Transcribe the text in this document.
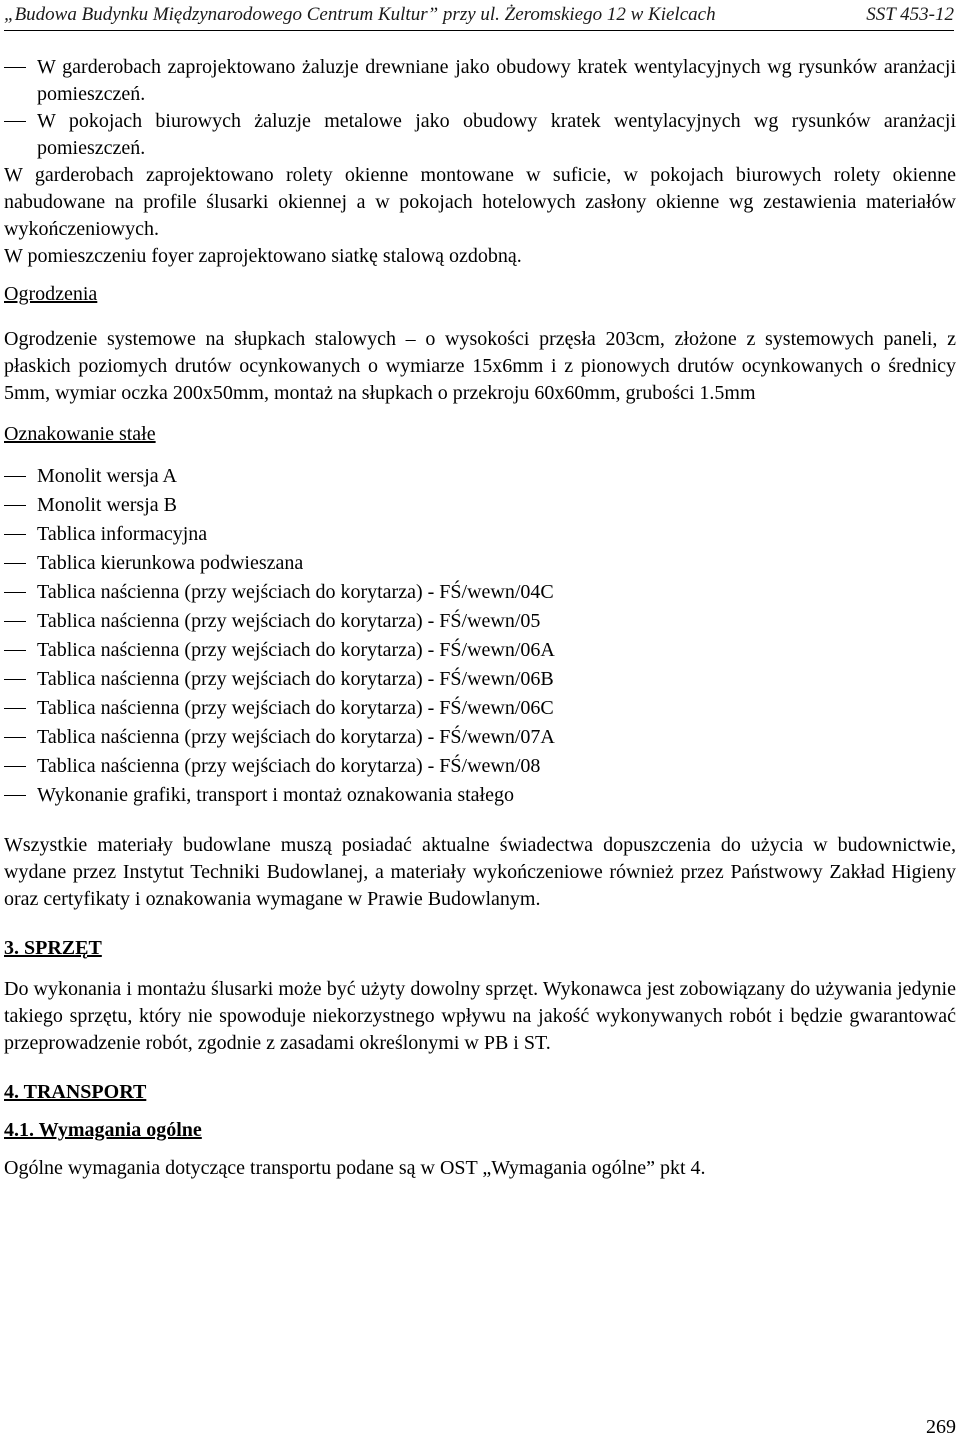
„Budowa Budynku Międzynarodowego Centrum Kultur” przy ul. Żeromskiego 12 w Kielcach	SST 453-12
W garderobach zaprojektowano żaluzje drewniane jako obudowy kratek wentylacyjnych wg rysunków aranżacji pomieszczeń.
W pokojach biurowych żaluzje metalowe jako obudowy kratek wentylacyjnych wg rysunków aranżacji pomieszczeń.

W garderobach zaprojektowano rolety okienne montowane w suficie, w pokojach biurowych rolety okienne nabudowane na profile ślusarki okiennej a w pokojach hotelowych zasłony okienne wg zestawienia materiałów wykończeniowych.

W pomieszczeniu foyer zaprojektowano siatkę stalową ozdobną.

Ogrodzenia

Ogrodzenie systemowe na słupkach stalowych – o wysokości przęsła 203cm, złożone z systemowych paneli, z płaskich poziomych drutów ocynkowanych o wymiarze 15x6mm i z pionowych drutów ocynkowanych o średnicy 5mm, wymiar oczka 200x50mm, montaż na słupkach o przekroju 60x60mm, grubości 1.5mm

Oznakowanie stałe

Monolit wersja A
Monolit wersja B
Tablica informacyjna
Tablica kierunkowa podwieszana
Tablica naścienna (przy wejściach do korytarza) - FŚ/wewn/04C
Tablica naścienna (przy wejściach do korytarza) - FŚ/wewn/05
Tablica naścienna (przy wejściach do korytarza) - FŚ/wewn/06A
Tablica naścienna (przy wejściach do korytarza) - FŚ/wewn/06B
Tablica naścienna (przy wejściach do korytarza) - FŚ/wewn/06C
Tablica naścienna (przy wejściach do korytarza) - FŚ/wewn/07A
Tablica naścienna (przy wejściach do korytarza) - FŚ/wewn/08
Wykonanie grafiki, transport i montaż oznakowania stałego

Wszystkie materiały budowlane muszą posiadać aktualne świadectwa dopuszczenia do użycia w budownictwie, wydane przez Instytut Techniki Budowlanej, a materiały wykończeniowe również przez Państwowy Zakład Higieny oraz certyfikaty i oznakowania wymagane w Prawie Budowlanym.

3. SPRZĘT

Do wykonania i montażu ślusarki może być użyty dowolny sprzęt. Wykonawca jest zobowiązany do używania jedynie takiego sprzętu, który nie spowoduje niekorzystnego wpływu na jakość wykonywanych robót i będzie gwarantować przeprowadzenie robót, zgodnie z zasadami określonymi w PB i ST.

4. TRANSPORT

4.1. Wymagania ogólne

Ogólne wymagania dotyczące transportu podane są w OST „Wymagania ogólne” pkt 4.

269
